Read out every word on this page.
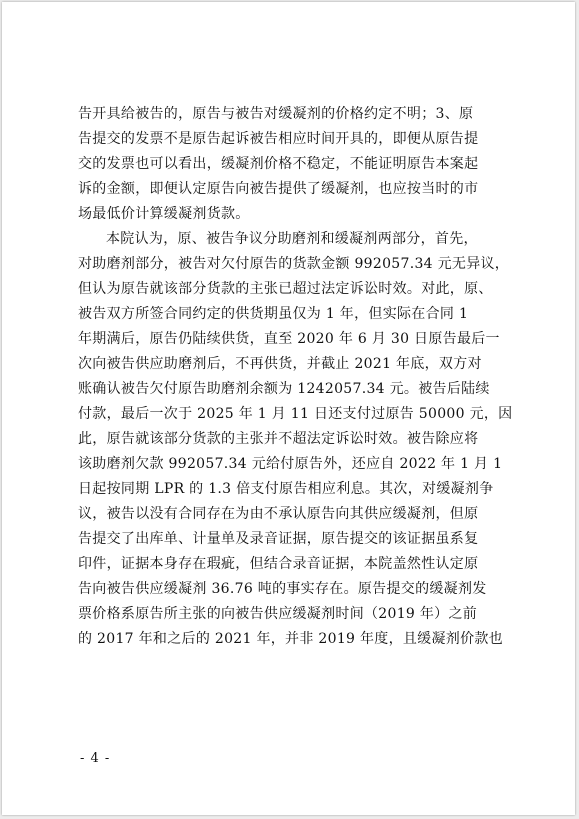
告开具给被告的，原告与被告对缓凝剂的价格约定不明；3、原
告提交的发票不是原告起诉被告相应时间开具的，即便从原告提
交的发票也可以看出，缓凝剂价格不稳定，不能证明原告本案起
诉的金额，即便认定原告向被告提供了缓凝剂，也应按当时的市
场最低价计算缓凝剂货款。
本院认为，原、被告争议分助磨剂和缓凝剂两部分，首先，
对助磨剂部分，被告对欠付原告的货款金额 992057.34 元无异议，
但认为原告就该部分货款的主张已超过法定诉讼时效。对此，原、
被告双方所签合同约定的供货期虽仅为 1 年，但实际在合同 1
年期满后，原告仍陆续供货，直至 2020 年 6 月 30 日原告最后一
次向被告供应助磨剂后，不再供货，并截止 2021 年底，双方对
账确认被告欠付原告助磨剂余额为 1242057.34 元。被告后陆续
付款，最后一次于 2025 年 1 月 11 日还支付过原告 50000 元，因
此，原告就该部分货款的主张并不超法定诉讼时效。被告除应将
该助磨剂欠款 992057.34 元给付原告外，还应自 2022 年 1 月 1
日起按同期 LPR 的 1.3 倍支付原告相应利息。其次，对缓凝剂争
议，被告以没有合同存在为由不承认原告向其供应缓凝剂，但原
告提交了出库单、计量单及录音证据，原告提交的该证据虽系复
印件，证据本身存在瑕疵，但结合录音证据，本院盖然性认定原
告向被告供应缓凝剂 36.76 吨的事实存在。原告提交的缓凝剂发
票价格系原告所主张的向被告供应缓凝剂时间（2019 年）之前
的 2017 年和之后的 2021 年，并非 2019 年度，且缓凝剂价款也
- 4 -
